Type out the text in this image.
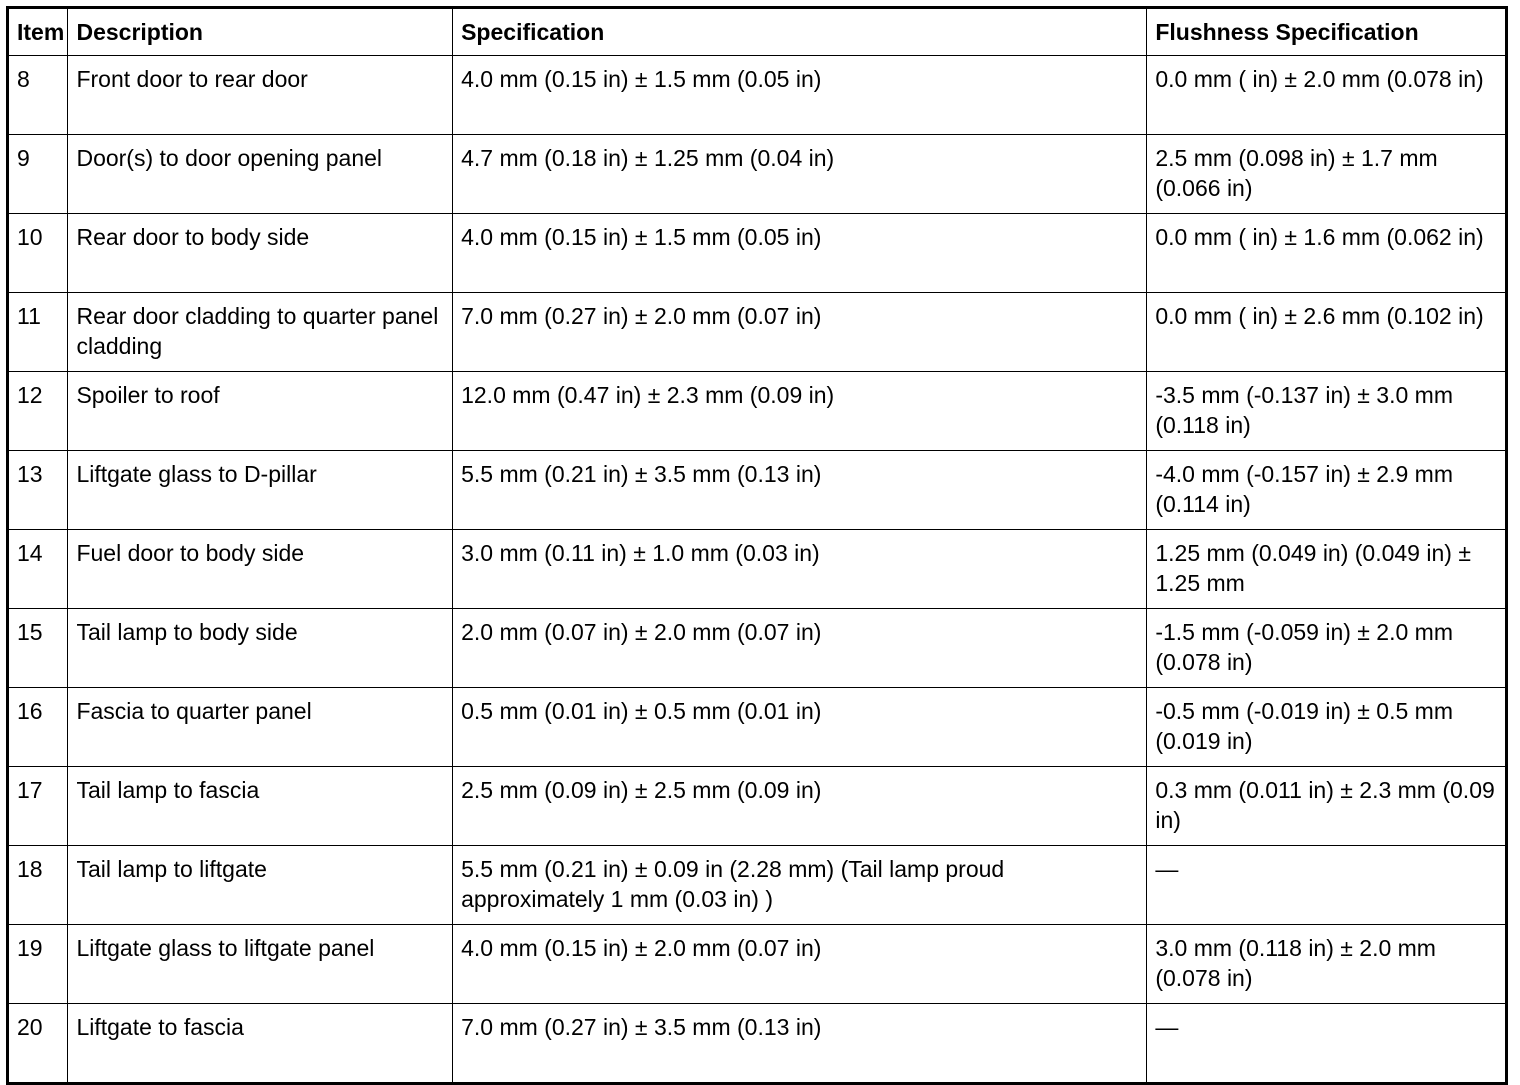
Item	Description	Specification	Flushness Specification
8	Front door to rear door	4.0 mm (0.15 in) ± 1.5 mm (0.05 in)	0.0 mm ( in) ± 2.0 mm (0.078 in)
9	Door(s) to door opening panel	4.7 mm (0.18 in) ± 1.25 mm (0.04 in)	2.5 mm (0.098 in) ± 1.7 mm (0.066 in)
10	Rear door to body side	4.0 mm (0.15 in) ± 1.5 mm (0.05 in)	0.0 mm ( in) ± 1.6 mm (0.062 in)
11	Rear door cladding to quarter panel cladding	7.0 mm (0.27 in) ± 2.0 mm (0.07 in)	0.0 mm ( in) ± 2.6 mm (0.102 in)
12	Spoiler to roof	12.0 mm (0.47 in) ± 2.3 mm (0.09 in)	-3.5 mm (-0.137 in) ± 3.0 mm (0.118 in)
13	Liftgate glass to D-pillar	5.5 mm (0.21 in) ± 3.5 mm (0.13 in)	-4.0 mm (-0.157 in) ± 2.9 mm (0.114 in)
14	Fuel door to body side	3.0 mm (0.11 in) ± 1.0 mm (0.03 in)	1.25 mm (0.049 in) (0.049 in) ± 1.25 mm
15	Tail lamp to body side	2.0 mm (0.07 in) ± 2.0 mm (0.07 in)	-1.5 mm (-0.059 in) ± 2.0 mm (0.078 in)
16	Fascia to quarter panel	0.5 mm (0.01 in) ± 0.5 mm (0.01 in)	-0.5 mm (-0.019 in) ± 0.5 mm (0.019 in)
17	Tail lamp to fascia	2.5 mm (0.09 in) ± 2.5 mm (0.09 in)	0.3 mm (0.011 in) ± 2.3 mm (0.09 in)
18	Tail lamp to liftgate	5.5 mm (0.21 in) ± 0.09 in (2.28 mm) (Tail lamp proud approximately 1 mm (0.03 in) )	—
19	Liftgate glass to liftgate panel	4.0 mm (0.15 in) ± 2.0 mm (0.07 in)	3.0 mm (0.118 in) ± 2.0 mm (0.078 in)
20	Liftgate to fascia	7.0 mm (0.27 in) ± 3.5 mm (0.13 in)	—
